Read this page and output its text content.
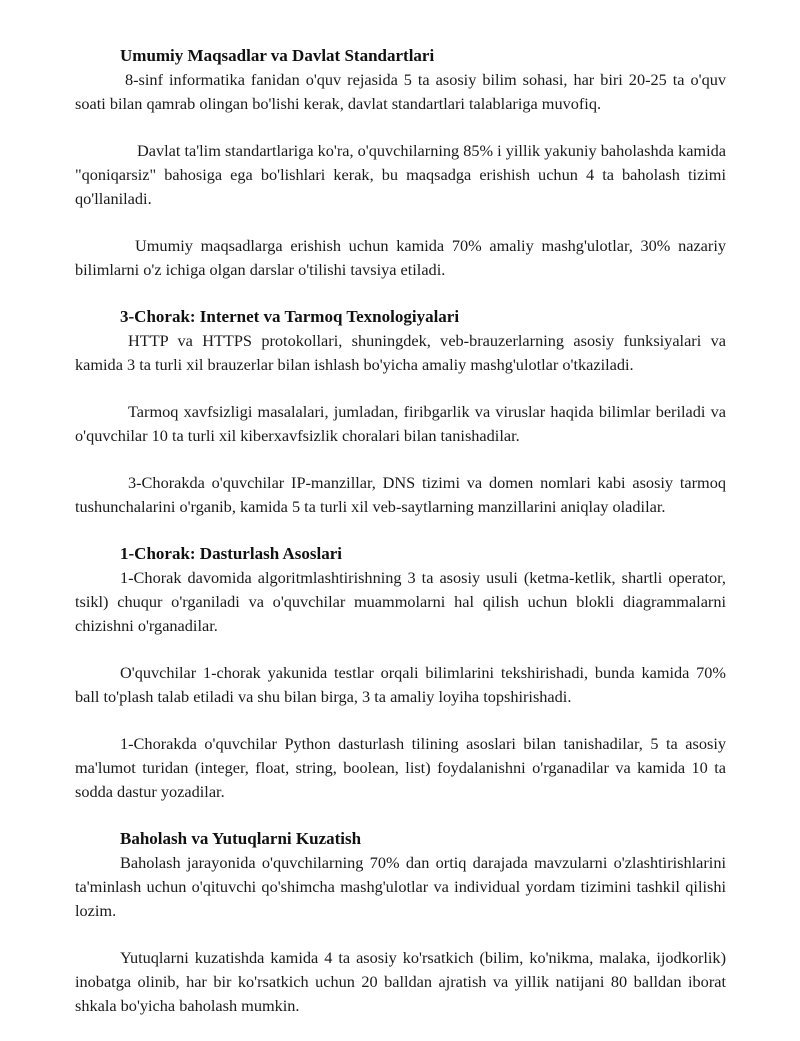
Umumiy Maqsadlar va Davlat Standartlari

8-sinf informatika fanidan o'quv rejasida 5 ta asosiy bilim sohasi, har biri 20-25 ta o'quv soati bilan qamrab olingan bo'lishi kerak, davlat standartlari talablariga muvofiq.

Davlat ta'lim standartlariga ko'ra, o'quvchilarning 85% i yillik yakuniy baholashda kamida "qoniqarsiz" bahosiga ega bo'lishlari kerak, bu maqsadga erishish uchun 4 ta baholash tizimi qo'llaniladi.

Umumiy maqsadlarga erishish uchun kamida 70% amaliy mashg'ulotlar, 30% nazariy bilimlarni o'z ichiga olgan darslar o'tilishi tavsiya etiladi.

3-Chorak: Internet va Tarmoq Texnologiyalari

HTTP va HTTPS protokollari, shuningdek, veb-brauzerlarning asosiy funksiyalari va kamida 3 ta turli xil brauzerlar bilan ishlash bo'yicha amaliy mashg'ulotlar o'tkaziladi.

Tarmoq xavfsizligi masalalari, jumladan, firibgarlik va viruslar haqida bilimlar beriladi va o'quvchilar 10 ta turli xil kiberxavfsizlik choralari bilan tanishadilar.

3-Chorakda o'quvchilar IP-manzillar, DNS tizimi va domen nomlari kabi asosiy tarmoq tushunchalarini o'rganib, kamida 5 ta turli xil veb-saytlarning manzillarini aniqlay oladilar.

1-Chorak: Dasturlash Asoslari

1-Chorak davomida algoritmlashtirishning 3 ta asosiy usuli (ketma-ketlik, shartli operator, tsikl) chuqur o'rganiladi va o'quvchilar muammolarni hal qilish uchun blokli diagrammalarni chizishni o'rganadilar.

O'quvchilar 1-chorak yakunida testlar orqali bilimlarini tekshirishadi, bunda kamida 70% ball to'plash talab etiladi va shu bilan birga, 3 ta amaliy loyiha topshirishadi.

1-Chorakda o'quvchilar Python dasturlash tilining asoslari bilan tanishadilar, 5 ta asosiy ma'lumot turidan (integer, float, string, boolean, list) foydalanishni o'rganadilar va kamida 10 ta sodda dastur yozadilar.

Baholash va Yutuqlarni Kuzatish

Baholash jarayonida o'quvchilarning 70% dan ortiq darajada mavzularni o'zlashtirishlarini ta'minlash uchun o'qituvchi qo'shimcha mashg'ulotlar va individual yordam tizimini tashkil qilishi lozim.

Yutuqlarni kuzatishda kamida 4 ta asosiy ko'rsatkich (bilim, ko'nikma, malaka, ijodkorlik) inobatga olinib, har bir ko'rsatkich uchun 20 balldan ajratish va yillik natijani 80 balldan iborat shkala bo'yicha baholash mumkin.
